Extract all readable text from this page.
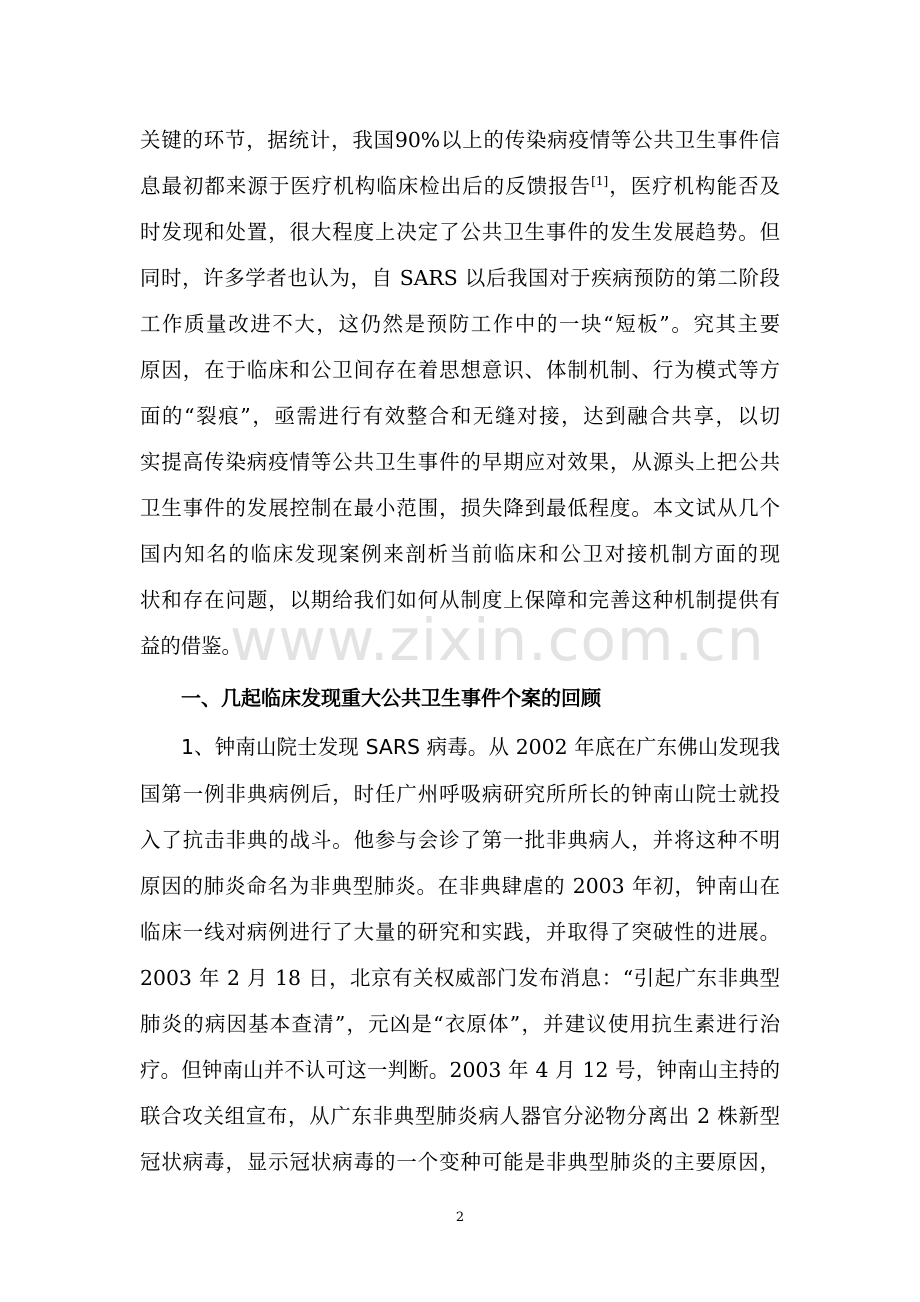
www.zixin.com.cn
关键的环节，据统计，我国90%以上的传染病疫情等公共卫生事件信
息最初都来源于医疗机构临床检出后的反馈报告[1]，医疗机构能否及
时发现和处置，很大程度上决定了公共卫生事件的发生发展趋势。但
同时，许多学者也认为，自 SARS 以后我国对于疾病预防的第二阶段
工作质量改进不大，这仍然是预防工作中的一块“短板”。究其主要
原因，在于临床和公卫间存在着思想意识、体制机制、行为模式等方
面的“裂痕”，亟需进行有效整合和无缝对接，达到融合共享，以切
实提高传染病疫情等公共卫生事件的早期应对效果，从源头上把公共
卫生事件的发展控制在最小范围，损失降到最低程度。本文试从几个
国内知名的临床发现案例来剖析当前临床和公卫对接机制方面的现
状和存在问题，以期给我们如何从制度上保障和完善这种机制提供有
益的借鉴。
一、几起临床发现重大公共卫生事件个案的回顾
1、钟南山院士发现 SARS 病毒。从 2002 年底在广东佛山发现我
国第一例非典病例后，时任广州呼吸病研究所所长的钟南山院士就投
入了抗击非典的战斗。他参与会诊了第一批非典病人，并将这种不明
原因的肺炎命名为非典型肺炎。在非典肆虐的 2003 年初，钟南山在
临床一线对病例进行了大量的研究和实践，并取得了突破性的进展。
2003 年 2 月 18 日，北京有关权威部门发布消息：“引起广东非典型
肺炎的病因基本查清”，元凶是“衣原体”，并建议使用抗生素进行治
疗。但钟南山并不认可这一判断。2003 年 4 月 12 号，钟南山主持的
联合攻关组宣布，从广东非典型肺炎病人器官分泌物分离出 2 株新型
冠状病毒，显示冠状病毒的一个变种可能是非典型肺炎的主要原因，
2
